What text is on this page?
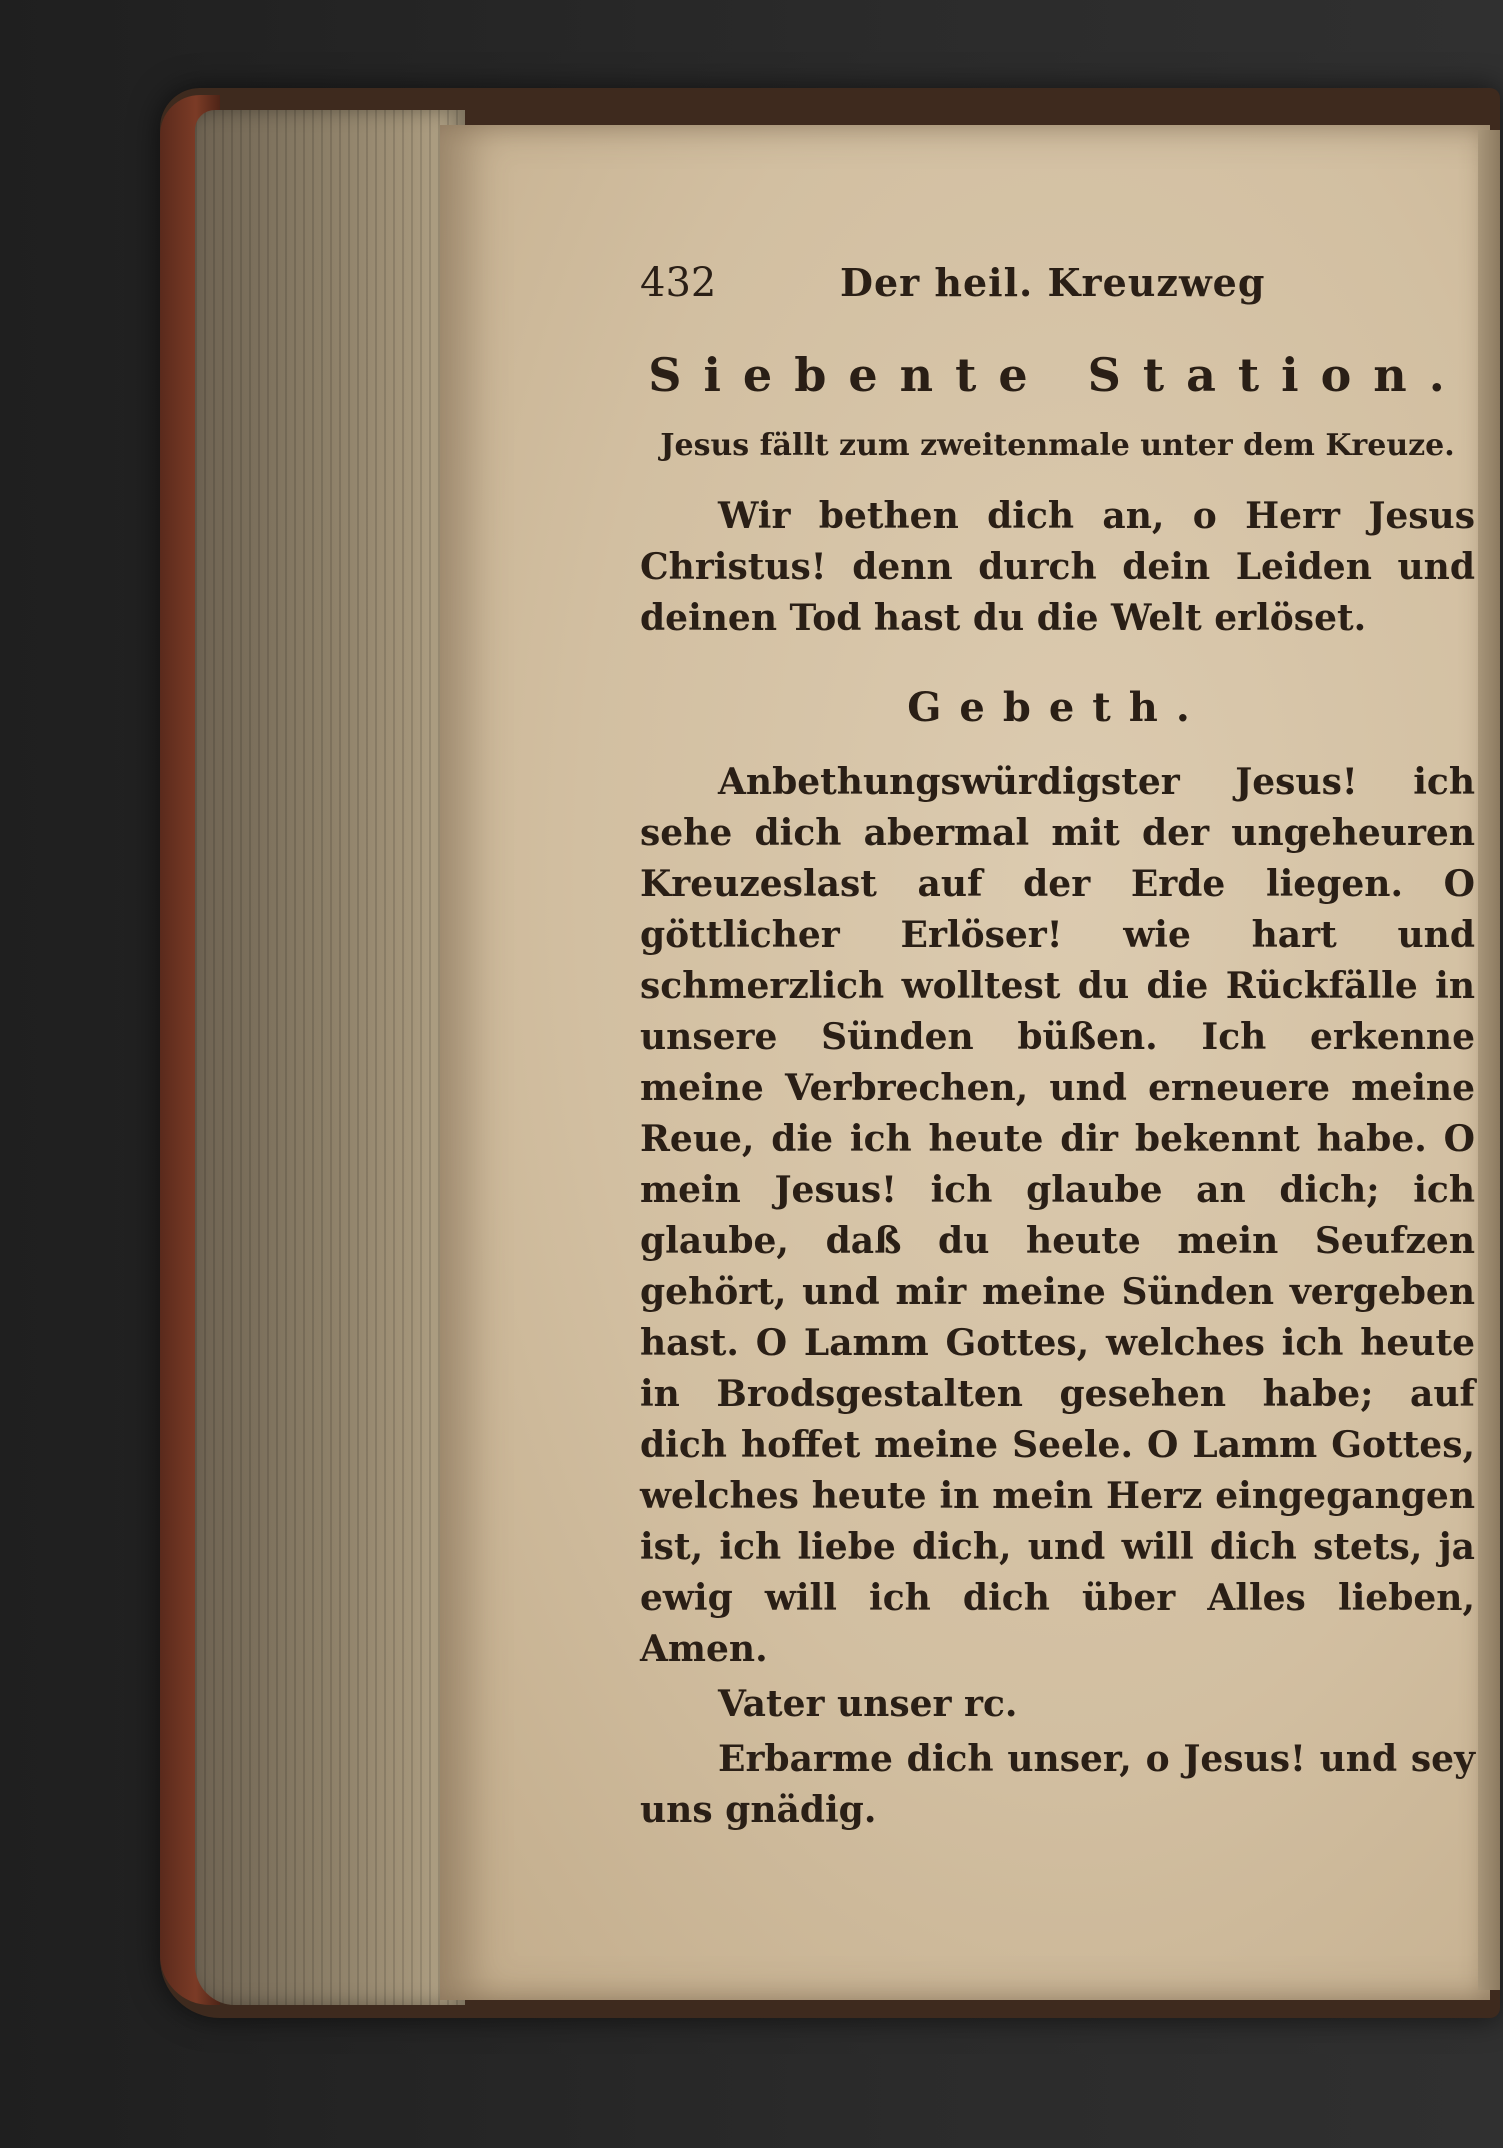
432	Der heil. Kreuzweg
Siebente Station.
Jesus fällt zum zweitenmale unter dem Kreuze.
Wir bethen dich an, o Herr Jesus Christus! denn durch dein Leiden und deinen Tod hast du die Welt erlöset.
Gebeth.
Anbethungswürdigster Jesus! ich sehe dich abermal mit der ungeheuren Kreuzeslast auf der Erde liegen. O göttlicher Erlöser! wie hart und schmerzlich wolltest du die Rückfälle in unsere Sünden büßen. Ich erkenne meine Verbrechen, und erneuere meine Reue, die ich heute dir bekennt habe. O mein Jesus! ich glaube an dich; ich glaube, daß du heute mein Seufzen gehört, und mir meine Sünden vergeben hast. O Lamm Gottes, welches ich heute in Brodsgestalten gesehen habe; auf dich hoffet meine Seele. O Lamm Gottes, welches heute in mein Herz eingegangen ist, ich liebe dich, und will dich stets, ja ewig will ich dich über Alles lieben, Amen.
Vater unser rc.
Erbarme dich unser, o Jesus! und sey uns gnädig.
